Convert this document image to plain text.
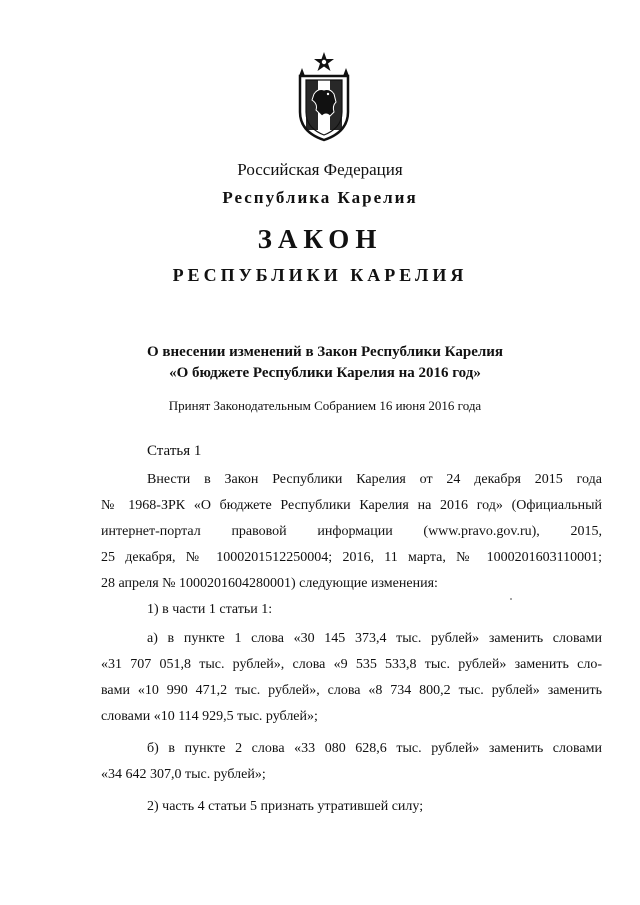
Российская Федерация
Республика Карелия
ЗАКОН
РЕСПУБЛИКИ КАРЕЛИЯ
О внесении изменений в Закон Республики Карелия
«О бюджете Республики Карелия на 2016 год»
Принят Законодательным Собранием 16 июня 2016 года
Статья 1
Внести в Закон Республики Карелия от 24 декабря 2015 года
№ 1968-ЗРК «О бюджете Республики Карелия на 2016 год» (Официальный
интернет-портал правовой информации (www.pravo.gov.ru), 2015,
25 декабря, № 1000201512250004; 2016, 11 марта, № 1000201603110001;
28 апреля № 1000201604280001) следующие изменения:
1) в части 1 статьи 1:
а) в пункте 1 слова «30 145 373,4 тыс. рублей» заменить словами
«31 707 051,8 тыс. рублей», слова «9 535 533,8 тыс. рублей» заменить сло-
вами «10 990 471,2 тыс. рублей», слова «8 734 800,2 тыс. рублей» заменить
словами «10 114 929,5 тыс. рублей»;
б) в пункте 2 слова «33 080 628,6 тыс. рублей» заменить словами
«34 642 307,0 тыс. рублей»;
2) часть 4 статьи 5 признать утратившей силу;
